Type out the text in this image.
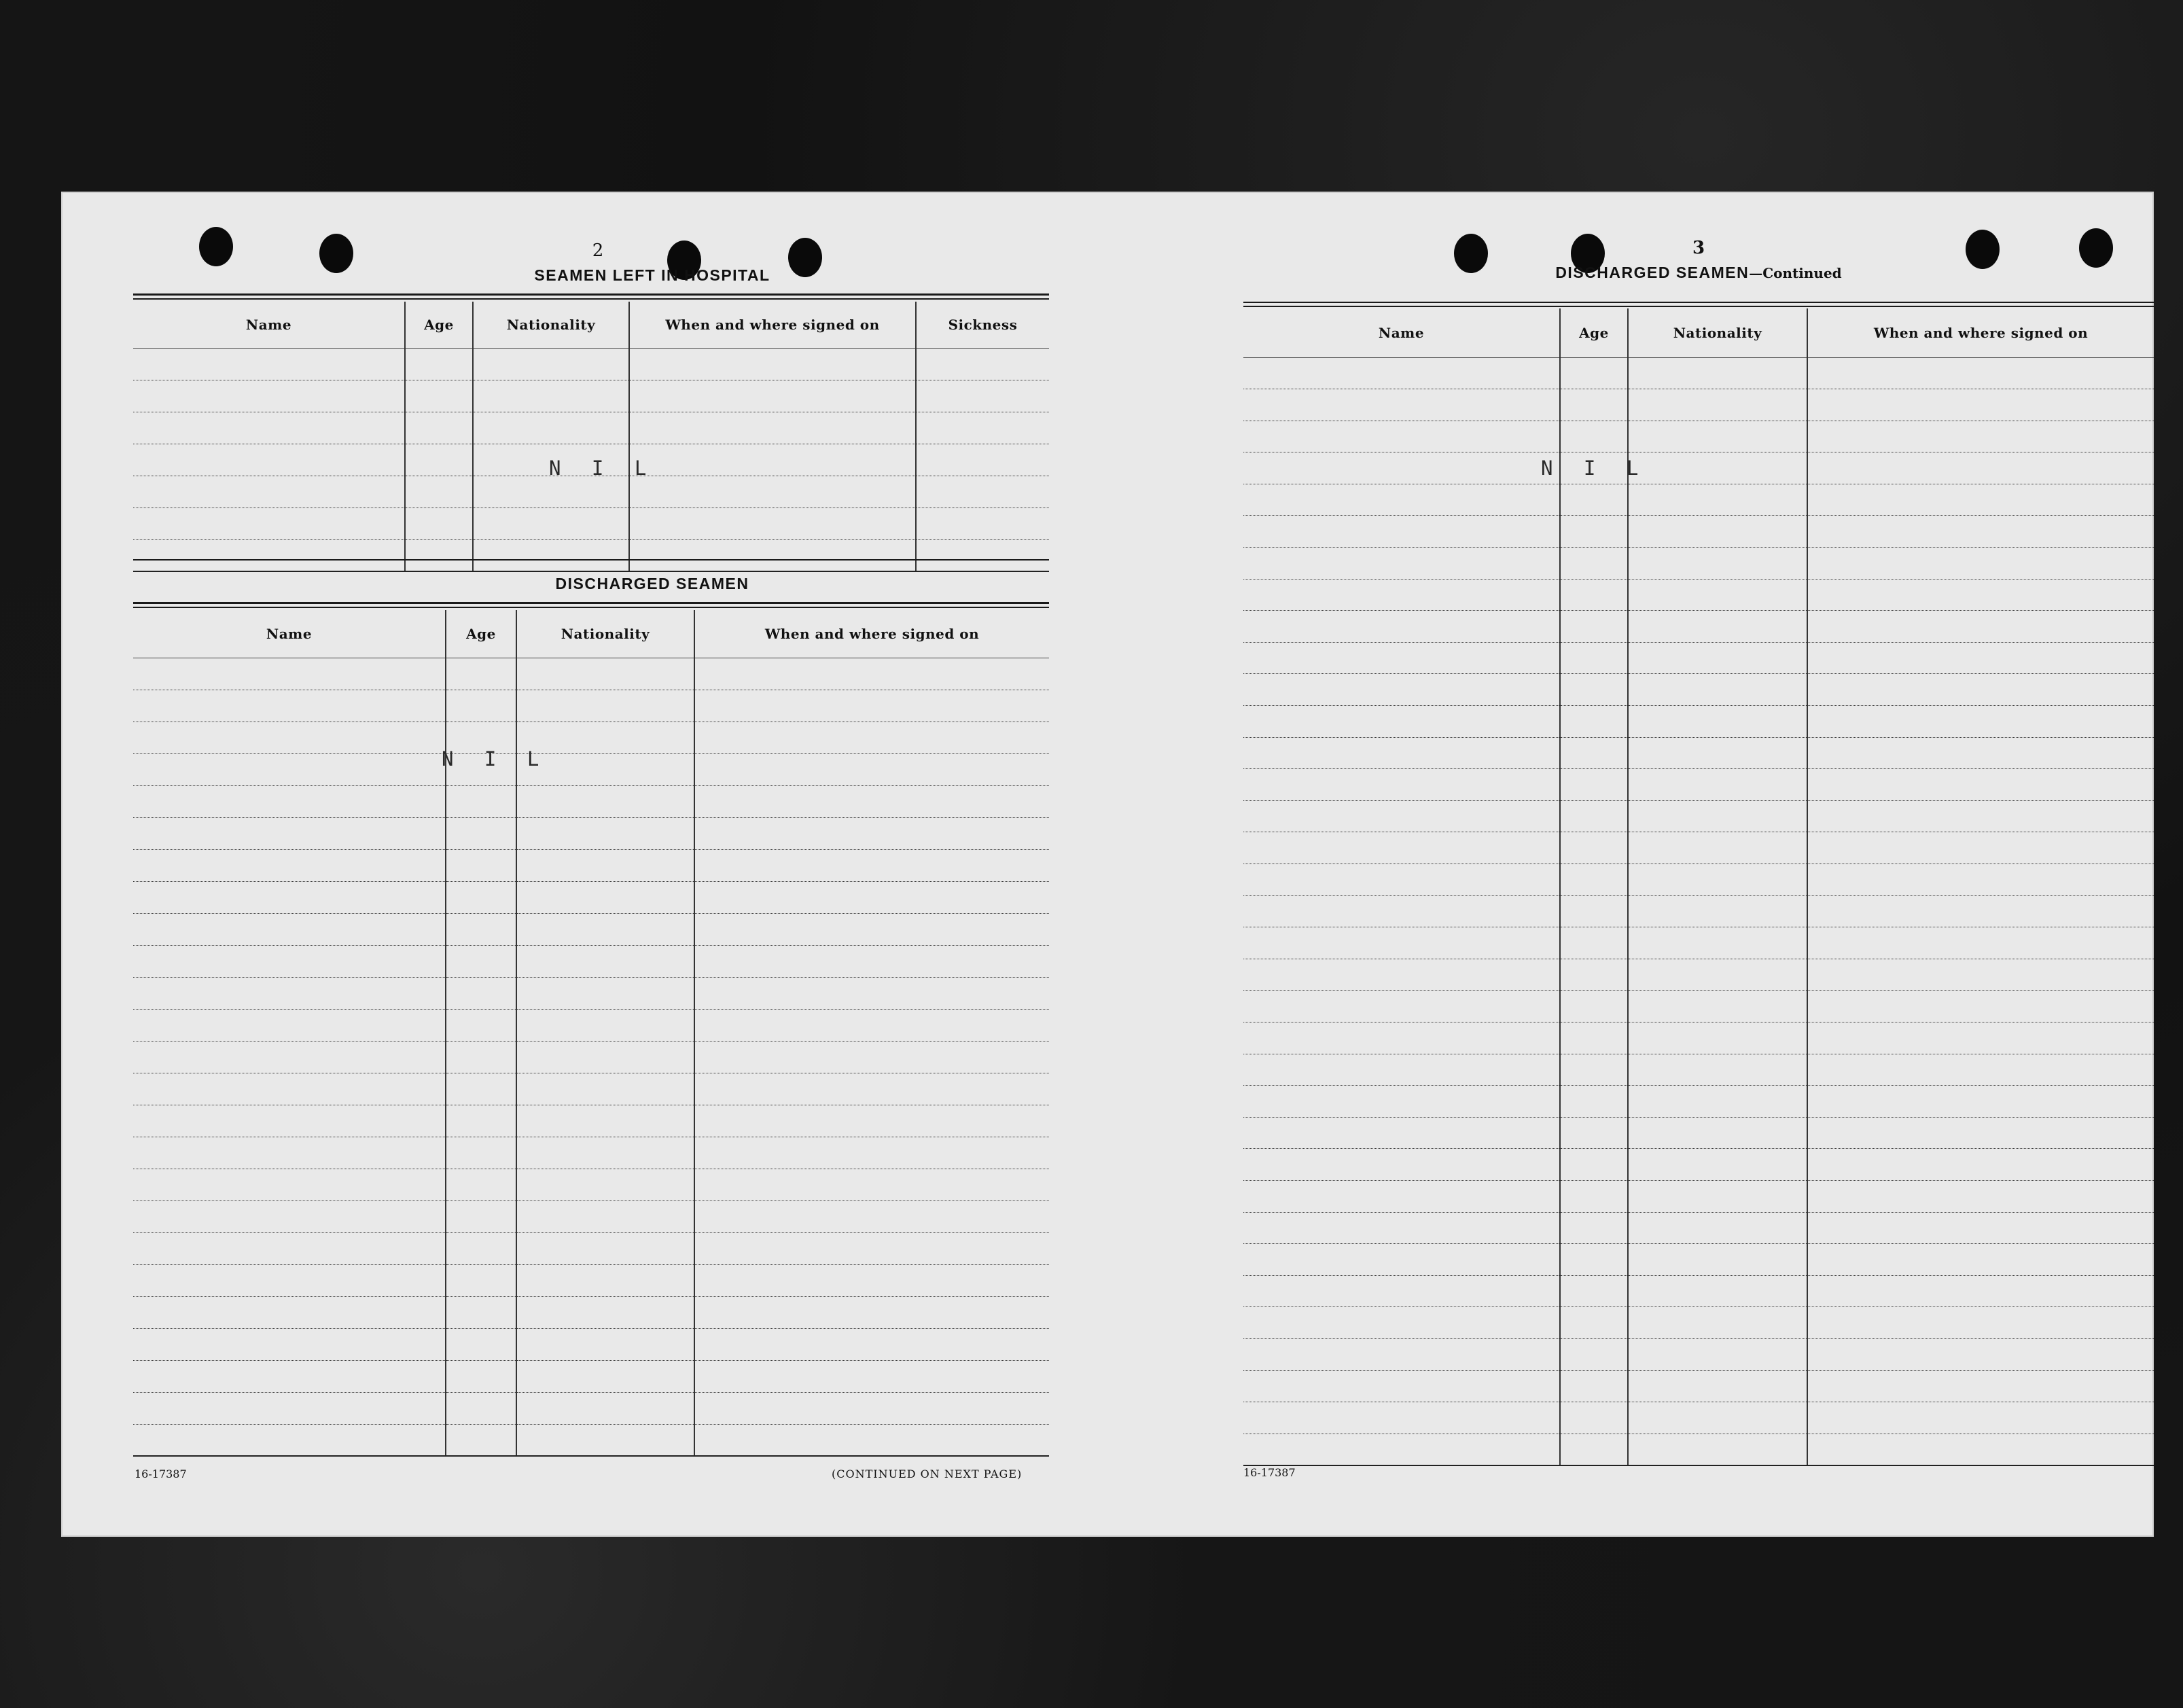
2
SEAMEN LEFT IN HOSPITAL
Name	Age	Nationality	When and where signed on	Sickness

N I L
DISCHARGED SEAMEN
Name	Age	Nationality	When and where signed on

N I L
16-17387	(CONTINUED ON NEXT PAGE)
3
DISCHARGED SEAMEN—Continued
Name	Age	Nationality	When and where signed on

N I L
16-17387
